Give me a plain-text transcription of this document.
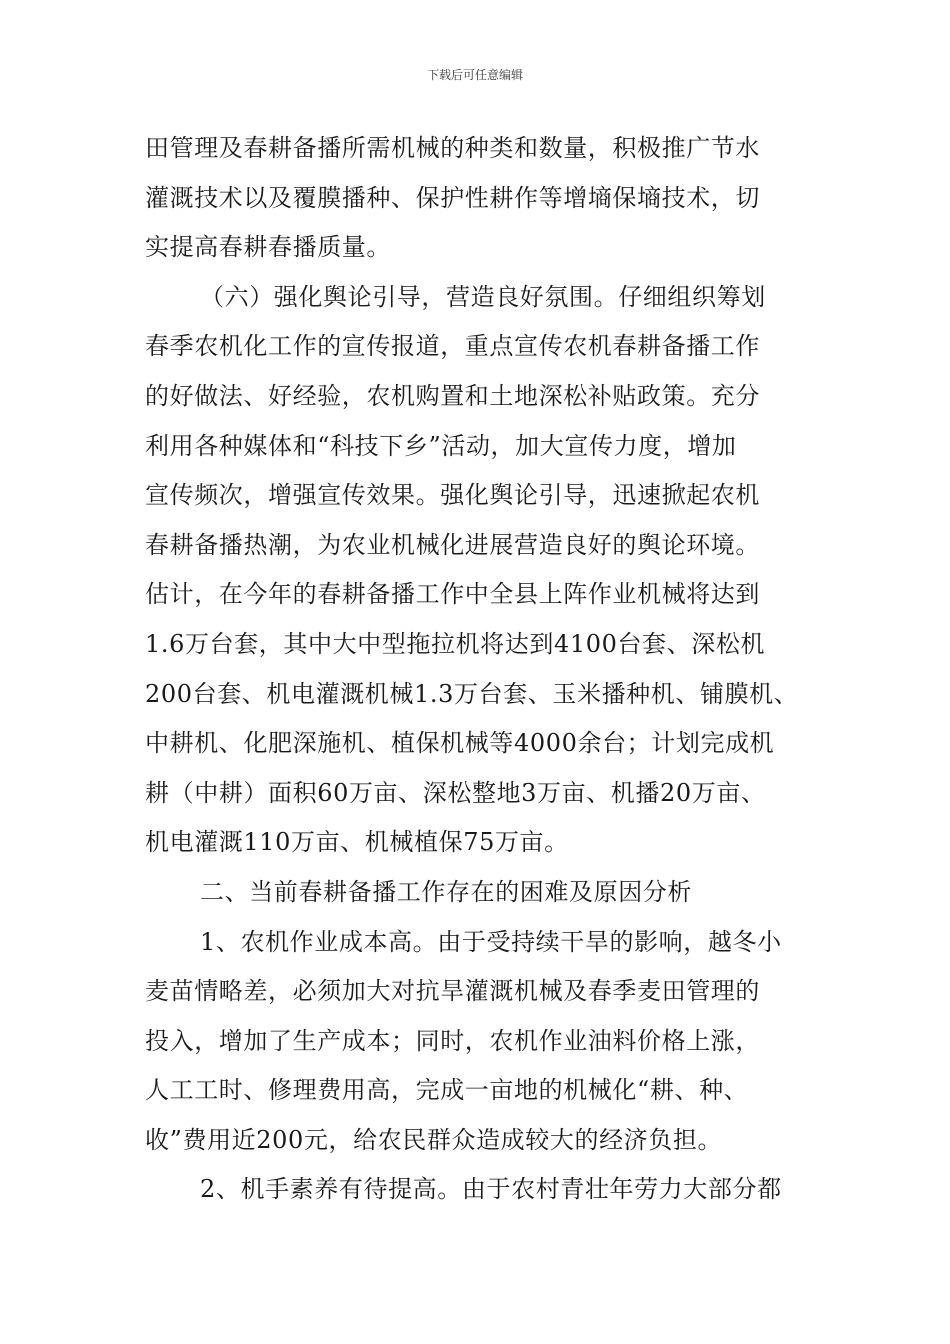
下载后可任意编辑
田管理及春耕备播所需机械的种类和数量，积极推广节水
灌溉技术以及覆膜播种、保护性耕作等增墒保墒技术，切
实提高春耕春播质量。
（六）强化舆论引导，营造良好氛围。仔细组织筹划
春季农机化工作的宣传报道，重点宣传农机春耕备播工作
的好做法、好经验，农机购置和土地深松补贴政策。充分
利用各种媒体和“科技下乡”活动，加大宣传力度，增加
宣传频次，增强宣传效果。强化舆论引导，迅速掀起农机
春耕备播热潮，为农业机械化进展营造良好的舆论环境。
估计，在今年的春耕备播工作中全县上阵作业机械将达到
1.6万台套，其中大中型拖拉机将达到4100台套、深松机
200台套、机电灌溉机械1.3万台套、玉米播种机、铺膜机、
中耕机、化肥深施机、植保机械等4000余台；计划完成机
耕（中耕）面积60万亩、深松整地3万亩、机播20万亩、
机电灌溉110万亩、机械植保75万亩。
二、当前春耕备播工作存在的困难及原因分析
1、农机作业成本高。由于受持续干旱的影响，越冬小
麦苗情略差，必须加大对抗旱灌溉机械及春季麦田管理的
投入，增加了生产成本；同时，农机作业油料价格上涨，
人工工时、修理费用高，完成一亩地的机械化“耕、种、
收”费用近200元，给农民群众造成较大的经济负担。
2、机手素养有待提高。由于农村青壮年劳力大部分都
